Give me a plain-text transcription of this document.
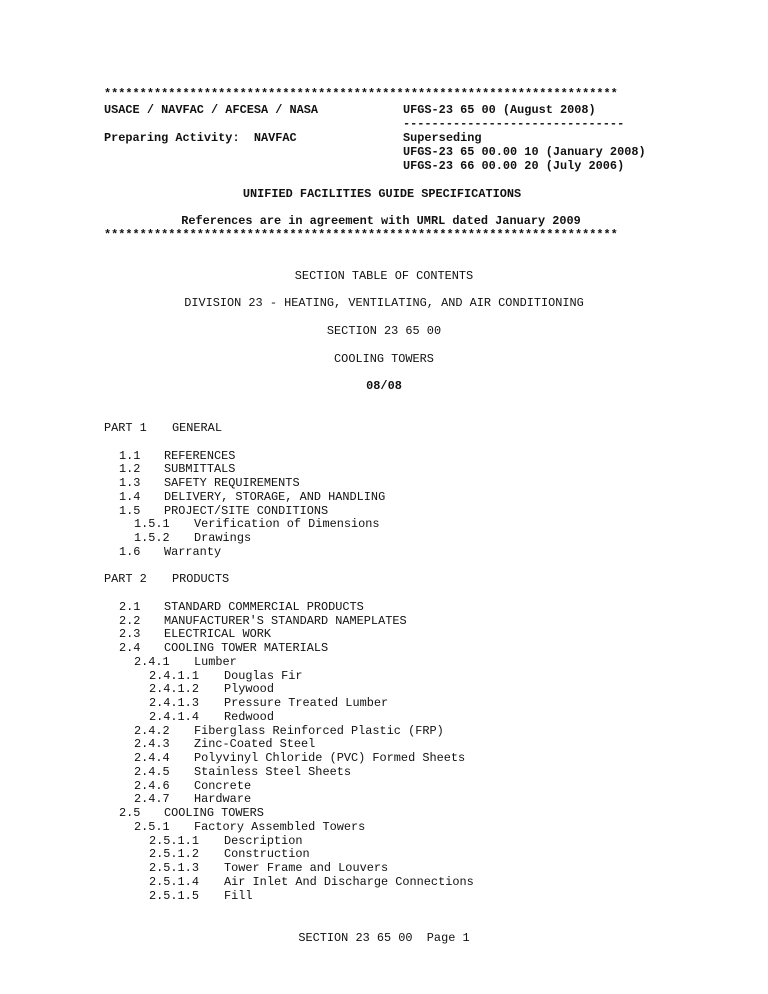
************************************************************************
USACE / NAVFAC / AFCESA / NASA	UFGS-23 65 00 (August 2008)
-------------------------------
Preparing Activity:  NAVFAC	Superseding
UFGS-23 65 00.00 10 (January 2008)
UFGS-23 66 00.00 20 (July 2006)
UNIFIED FACILITIES GUIDE SPECIFICATIONS
References are in agreement with UMRL dated January 2009
************************************************************************
SECTION TABLE OF CONTENTS
DIVISION 23 - HEATING, VENTILATING, AND AIR CONDITIONING
SECTION 23 65 00
COOLING TOWERS
08/08
PART 1 GENERAL
1.1 REFERENCES
1.2 SUBMITTALS
1.3 SAFETY REQUIREMENTS
1.4 DELIVERY, STORAGE, AND HANDLING
1.5 PROJECT/SITE CONDITIONS
1.5.1 Verification of Dimensions
1.5.2 Drawings
1.6 Warranty
PART 2 PRODUCTS
2.1 STANDARD COMMERCIAL PRODUCTS
2.2 MANUFACTURER'S STANDARD NAMEPLATES
2.3 ELECTRICAL WORK
2.4 COOLING TOWER MATERIALS
2.4.1 Lumber
2.4.1.1 Douglas Fir
2.4.1.2 Plywood
2.4.1.3 Pressure Treated Lumber
2.4.1.4 Redwood
2.4.2 Fiberglass Reinforced Plastic (FRP)
2.4.3 Zinc-Coated Steel
2.4.4 Polyvinyl Chloride (PVC) Formed Sheets
2.4.5 Stainless Steel Sheets
2.4.6 Concrete
2.4.7 Hardware
2.5 COOLING TOWERS
2.5.1 Factory Assembled Towers
2.5.1.1 Description
2.5.1.2 Construction
2.5.1.3 Tower Frame and Louvers
2.5.1.4 Air Inlet And Discharge Connections
2.5.1.5 Fill
SECTION 23 65 00  Page 1
